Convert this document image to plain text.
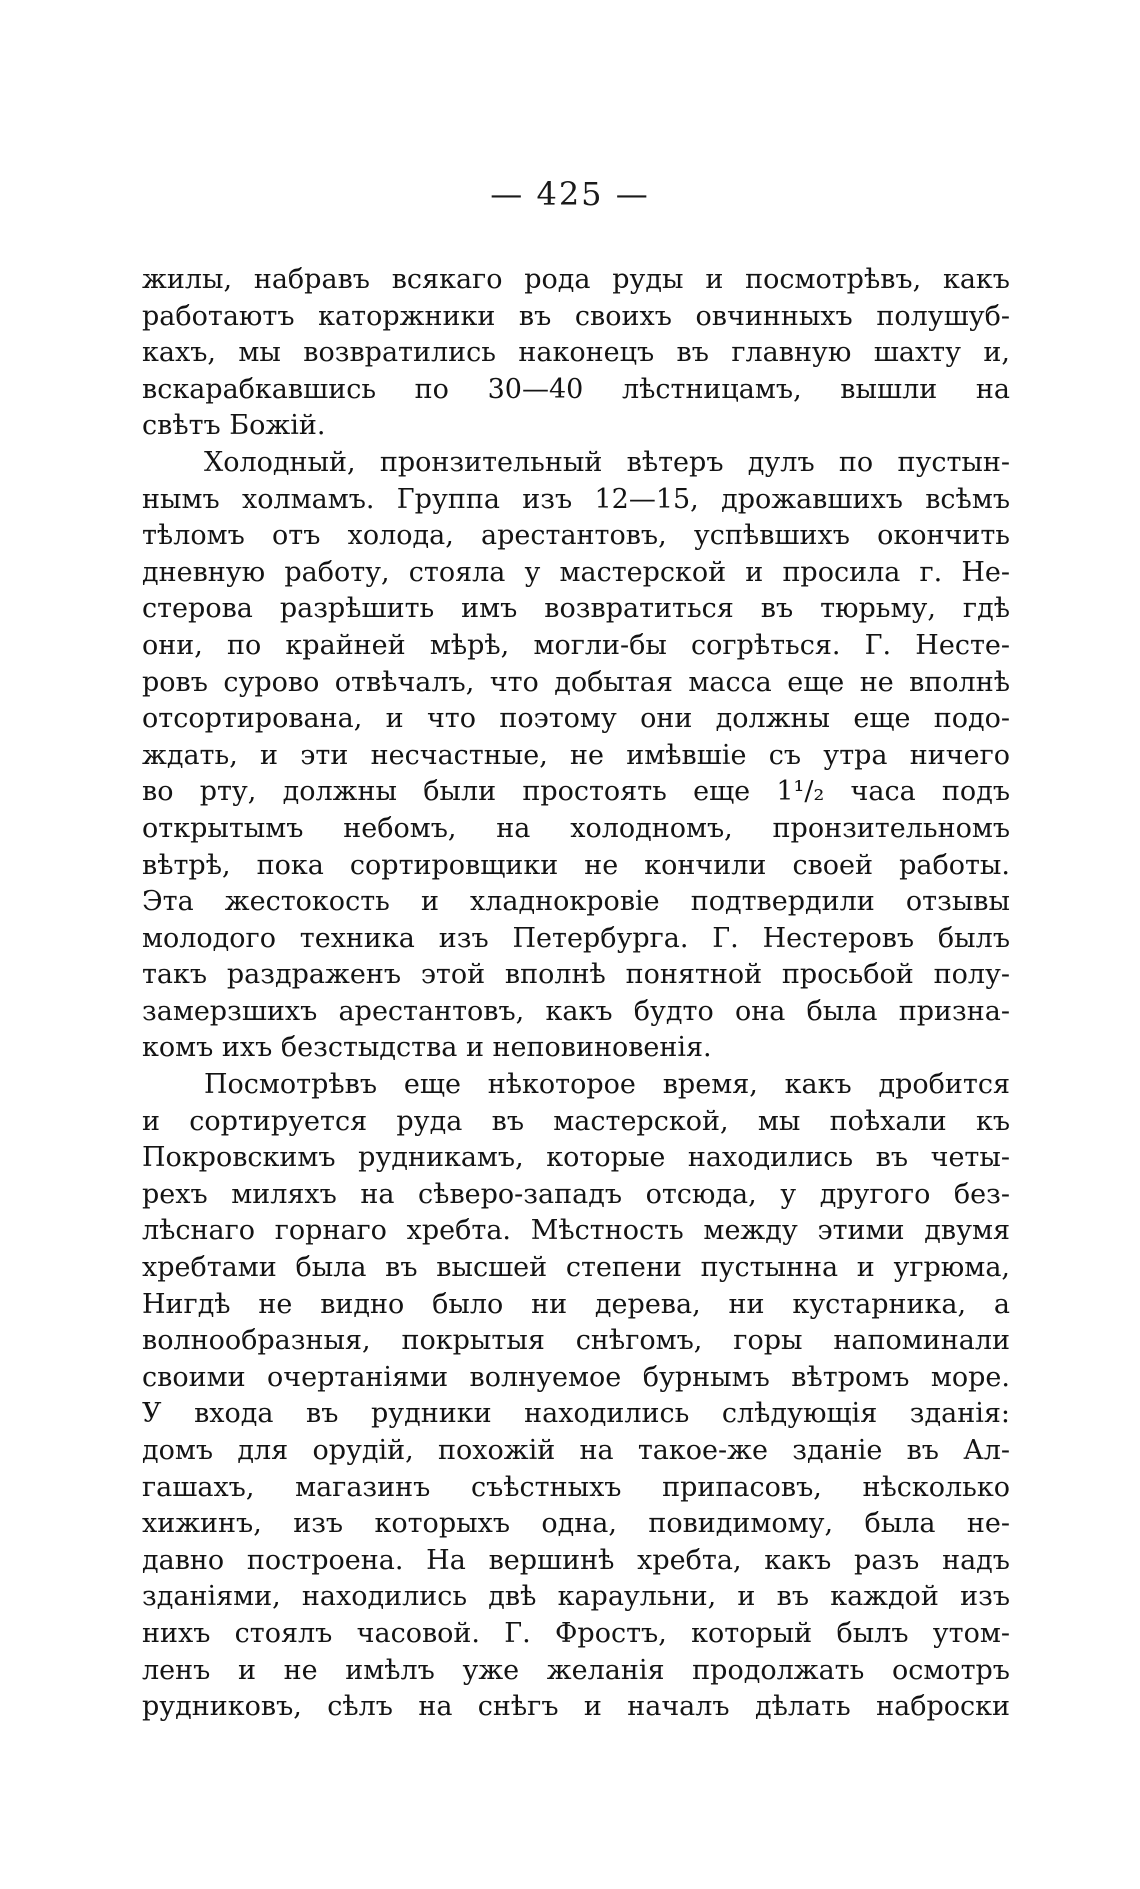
— 425 —
жилы, набравъ всякаго рода руды и посмотрѣвъ, какъ
работаютъ каторжники въ своихъ овчинныхъ полушуб-
кахъ, мы возвратились наконецъ въ главную шахту и,
вскарабкавшись по 30—40 лѣстницамъ, вышли на
свѣтъ Божій.
Холодный, пронзительный вѣтеръ дулъ по пустын-
нымъ холмамъ. Группа изъ 12—15, дрожавшихъ всѣмъ
тѣломъ отъ холода, арестантовъ, успѣвшихъ окончить
дневную работу, стояла у мастерской и просила г. Не-
стерова разрѣшить имъ возвратиться въ тюрьму, гдѣ
они, по крайней мѣрѣ, могли-бы согрѣться. Г. Несте-
ровъ сурово отвѣчалъ, что добытая масса еще не вполнѣ
отсортирована, и что поэтому они должны еще подо-
ждать, и эти несчастные, не имѣвшіе съ утра ничего
во рту, должны были простоять еще 1¹/₂ часа подъ
открытымъ небомъ, на холодномъ, пронзительномъ
вѣтрѣ, пока сортировщики не кончили своей работы.
Эта жестокость и хладнокровіе подтвердили отзывы
молодого техника изъ Петербурга. Г. Нестеровъ былъ
такъ раздраженъ этой вполнѣ понятной просьбой полу-
замерзшихъ арестантовъ, какъ будто она была призна-
комъ ихъ безстыдства и неповиновенія.
Посмотрѣвъ еще нѣкоторое время, какъ дробится
и сортируется руда въ мастерской, мы поѣхали къ
Покровскимъ рудникамъ, которые находились въ четы-
рехъ миляхъ на сѣверо-западъ отсюда, у другого без-
лѣснаго горнаго хребта. Мѣстность между этими двумя
хребтами была въ высшей степени пустынна и угрюма,
Нигдѣ не видно было ни дерева, ни кустарника, а
волнообразныя, покрытыя снѣгомъ, горы напоминали
своими очертаніями волнуемое бурнымъ вѣтромъ море.
У входа въ рудники находились слѣдующія зданія:
домъ для орудій, похожій на такое-же зданіе въ Ал-
гашахъ, магазинъ съѣстныхъ припасовъ, нѣсколько
хижинъ, изъ которыхъ одна, повидимому, была не-
давно построена. На вершинѣ хребта, какъ разъ надъ
зданіями, находились двѣ караульни, и въ каждой изъ
нихъ стоялъ часовой. Г. Фростъ, который былъ утом-
ленъ и не имѣлъ уже желанія продолжать осмотръ
рудниковъ, сѣлъ на снѣгъ и началъ дѣлать наброски
